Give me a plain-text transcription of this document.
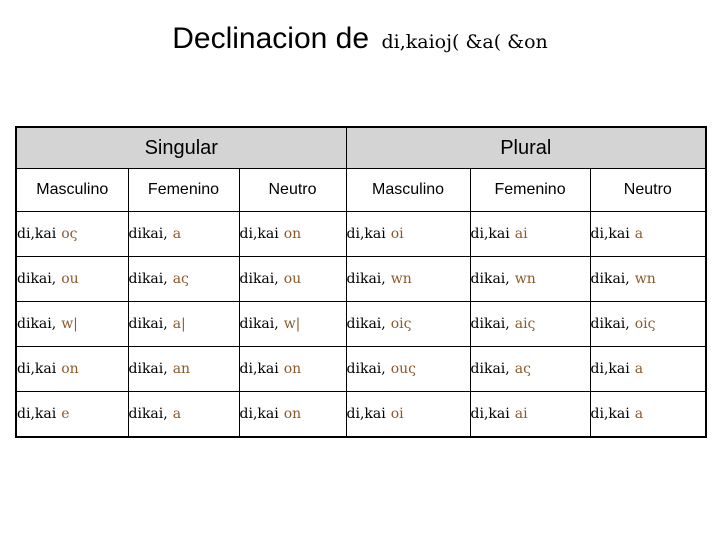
Declinacion de di,kaioj( &a( &on
Singular			Plural		
Masculino	Femenino	Neutro	Masculino	Femenino	Neutro
di,kai oς	dikai, a	di,kai on	di,kai oi	di,kai ai	di,kai a
dikai, ou	dikai, aς	dikai, ou	dikai, wn	dikai, wn	dikai, wn
dikai, w|	dikai, a|	dikai, w|	dikai, oiς	dikai, aiς	dikai, oiς
di,kai on	dikai, an	di,kai on	dikai, ouς	dikai, aς	di,kai a
di,kai e	dikai, a	di,kai on	di,kai oi	di,kai ai	di,kai a
